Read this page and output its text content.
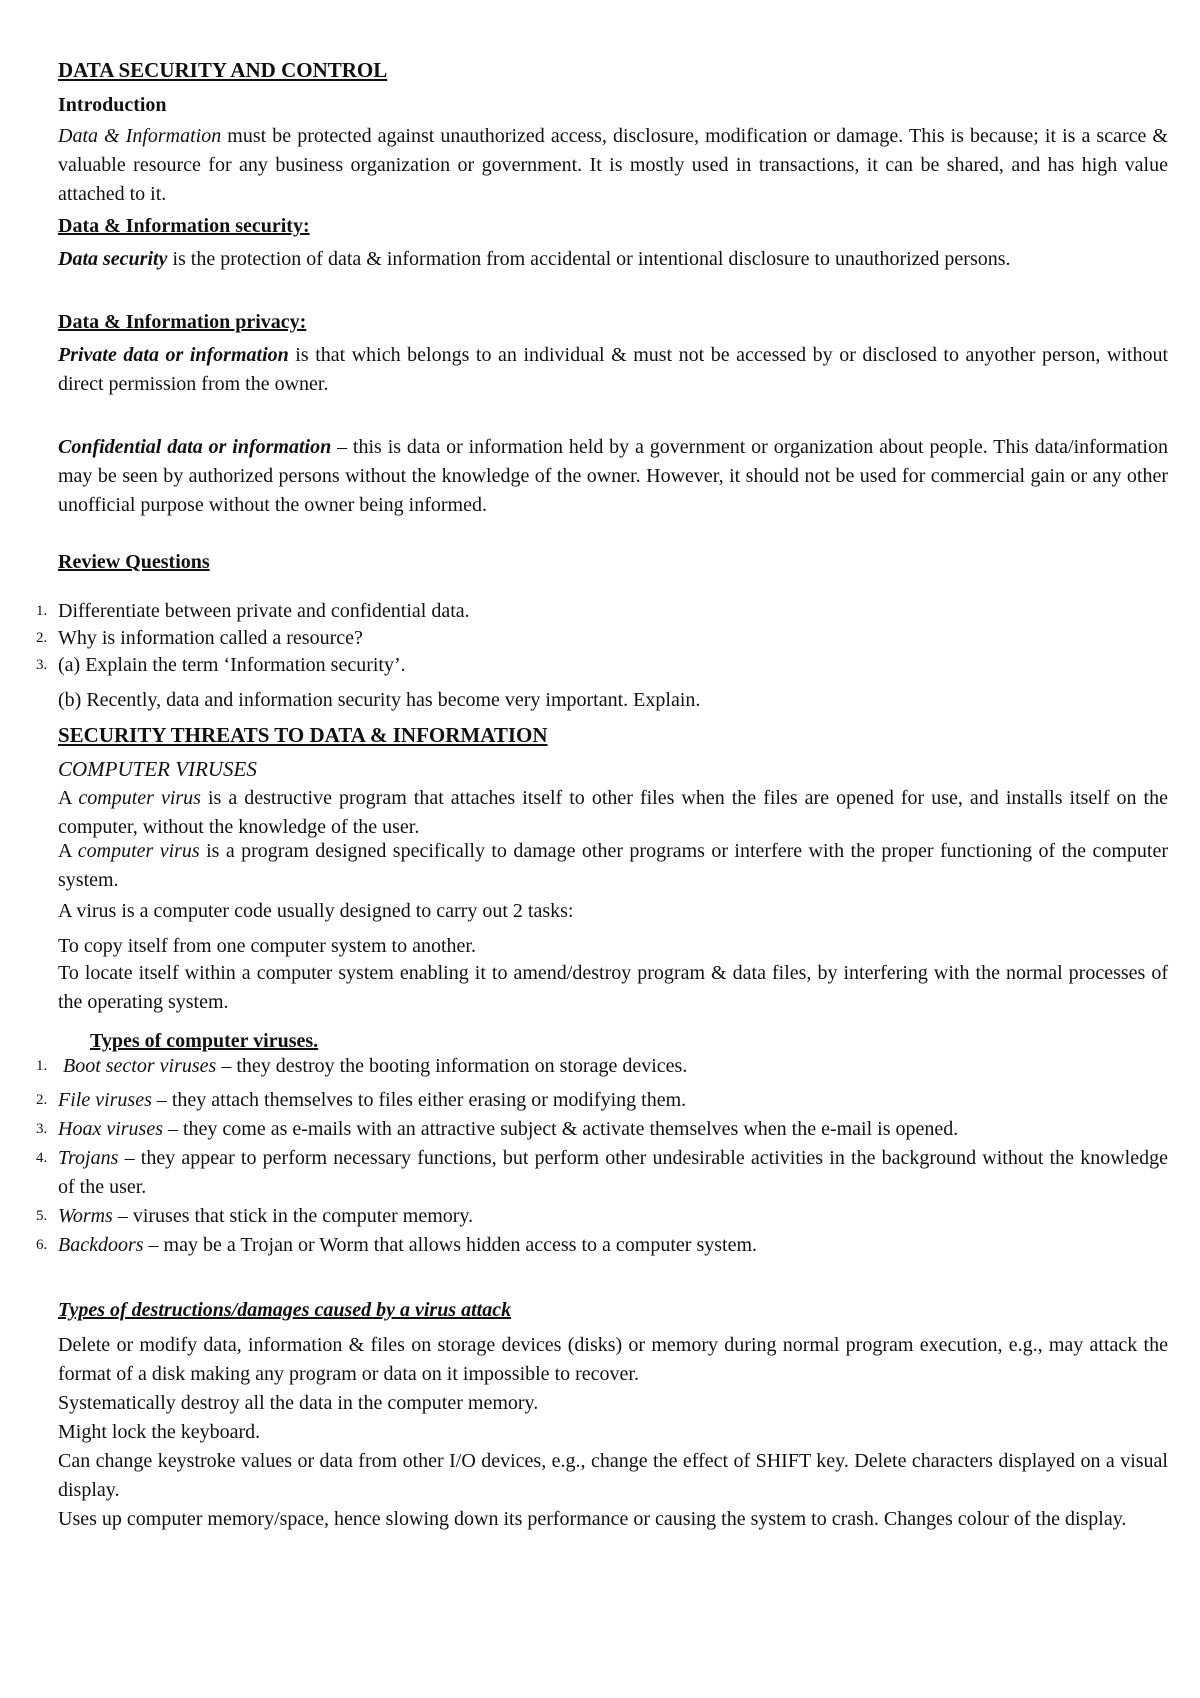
DATA SECURITY AND CONTROL
Introduction
Data & Information must be protected against unauthorized access, disclosure, modification or damage. This is because; it is a scarce & valuable resource for any business organization or government. It is mostly used in transactions, it can be shared, and has high value attached to it.
Data & Information security:
Data security is the protection of data & information from accidental or intentional disclosure to unauthorized persons.
Data & Information privacy:
Private data or information is that which belongs to an individual & must not be accessed by or disclosed to anyother person, without direct permission from the owner.
Confidential data or information – this is data or information held by a government or organization about people. This data/information may be seen by authorized persons without the knowledge of the owner. However, it should not be used for commercial gain or any other unofficial purpose without the owner being informed.
Review Questions
1. Differentiate between private and confidential data.
2. Why is information called a resource?
3. (a) Explain the term ‘Information security’.
(b) Recently, data and information security has become very important. Explain.
SECURITY THREATS TO DATA & INFORMATION
COMPUTER VIRUSES
A computer virus is a destructive program that attaches itself to other files when the files are opened for use, and installs itself on the computer, without the knowledge of the user.
A computer virus is a program designed specifically to damage other programs or interfere with the proper functioning of the computer system.
A virus is a computer code usually designed to carry out 2 tasks:
To copy itself from one computer system to another.
To locate itself within a computer system enabling it to amend/destroy program & data files, by interfering with the normal processes of the operating system.
Types of computer viruses.
1. Boot sector viruses – they destroy the booting information on storage devices.
2. File viruses – they attach themselves to files either erasing or modifying them.
3. Hoax viruses – they come as e-mails with an attractive subject & activate themselves when the e-mail is opened.
4. Trojans – they appear to perform necessary functions, but perform other undesirable activities in the background without the knowledge of the user.
5. Worms – viruses that stick in the computer memory.
6. Backdoors – may be a Trojan or Worm that allows hidden access to a computer system.
Types of destructions/damages caused by a virus attack
Delete or modify data, information & files on storage devices (disks) or memory during normal program execution, e.g., may attack the format of a disk making any program or data on it impossible to recover.
Systematically destroy all the data in the computer memory.
Might lock the keyboard.
Can change keystroke values or data from other I/O devices, e.g., change the effect of SHIFT key. Delete characters displayed on a visual display.
Uses up computer memory/space, hence slowing down its performance or causing the system to crash. Changes colour of the display.
